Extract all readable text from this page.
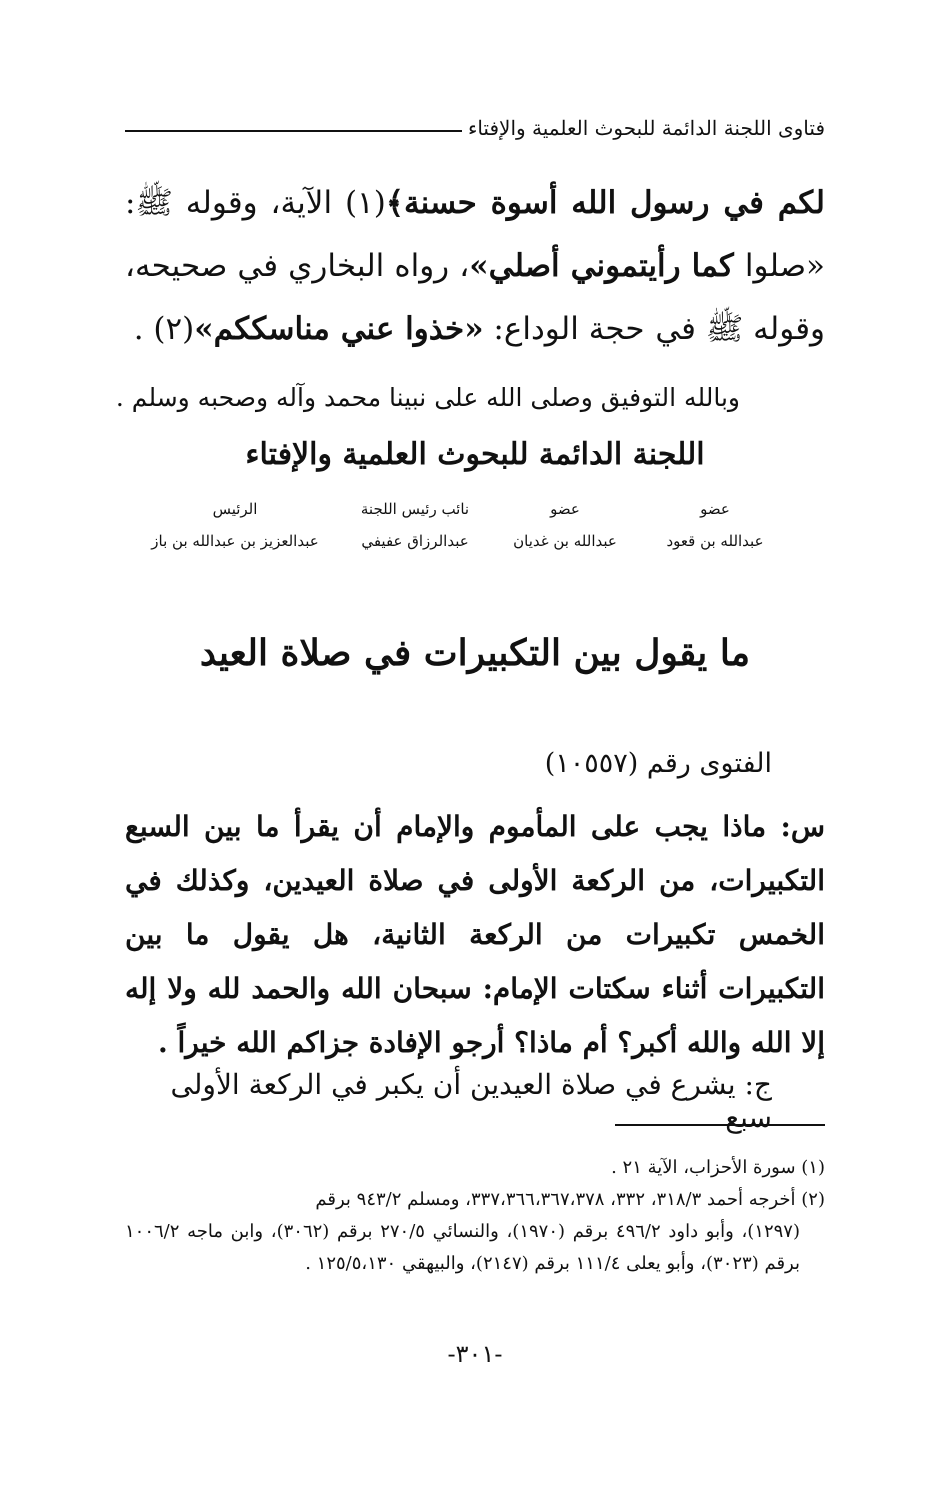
فتاوى اللجنة الدائمة للبحوث العلمية والإفتاء
لكم في رسول الله أسوة حسنة﴾(١) الآية، وقوله ﷺ: «صلوا كما رأيتموني أصلي»، رواه البخاري في صحيحه، وقوله ﷺ في حجة الوداع: «خذوا عني مناسككم»(٢) .
وبالله التوفيق وصلى الله على نبينا محمد وآله وصحبه وسلم .
اللجنة الدائمة للبحوث العلمية والإفتاء
عضو
عضو
نائب رئيس اللجنة
الرئيس
عبدالله بن قعود
عبدالله بن غديان
عبدالرزاق عفيفي
عبدالعزيز بن عبدالله بن باز
ما يقول بين التكبيرات في صلاة العيد
الفتوى رقم (١٠٥٥٧)
س: ماذا يجب على المأموم والإمام أن يقرأ ما بين السبع التكبيرات، من الركعة الأولى في صلاة العيدين، وكذلك في الخمس تكبيرات من الركعة الثانية، هل يقول ما بين التكبيرات أثناء سكتات الإمام: سبحان الله والحمد لله ولا إله إلا الله والله أكبر؟ أم ماذا؟ أرجو الإفادة جزاكم الله خيراً .
ج: يشرع في صلاة العيدين أن يكبر في الركعة الأولى سبع
(١) سورة الأحزاب، الآية ٢١ .
(٢) أخرجه أحمد ٣١٨/٣، ٣٣٢، ٣٣٧،٣٦٦،٣٦٧،٣٧٨، ومسلم ٩٤٣/٢ برقم
(١٢٩٧)، وأبو داود ٤٩٦/٢ برقم (١٩٧٠)، والنسائي ٢٧٠/٥ برقم (٣٠٦٢)، وابن ماجه ١٠٠٦/٢ برقم (٣٠٢٣)، وأبو يعلى ١١١/٤ برقم (٢١٤٧)، والبيهقي ١٢٥/٥،١٣٠ .
-٣٠١-
